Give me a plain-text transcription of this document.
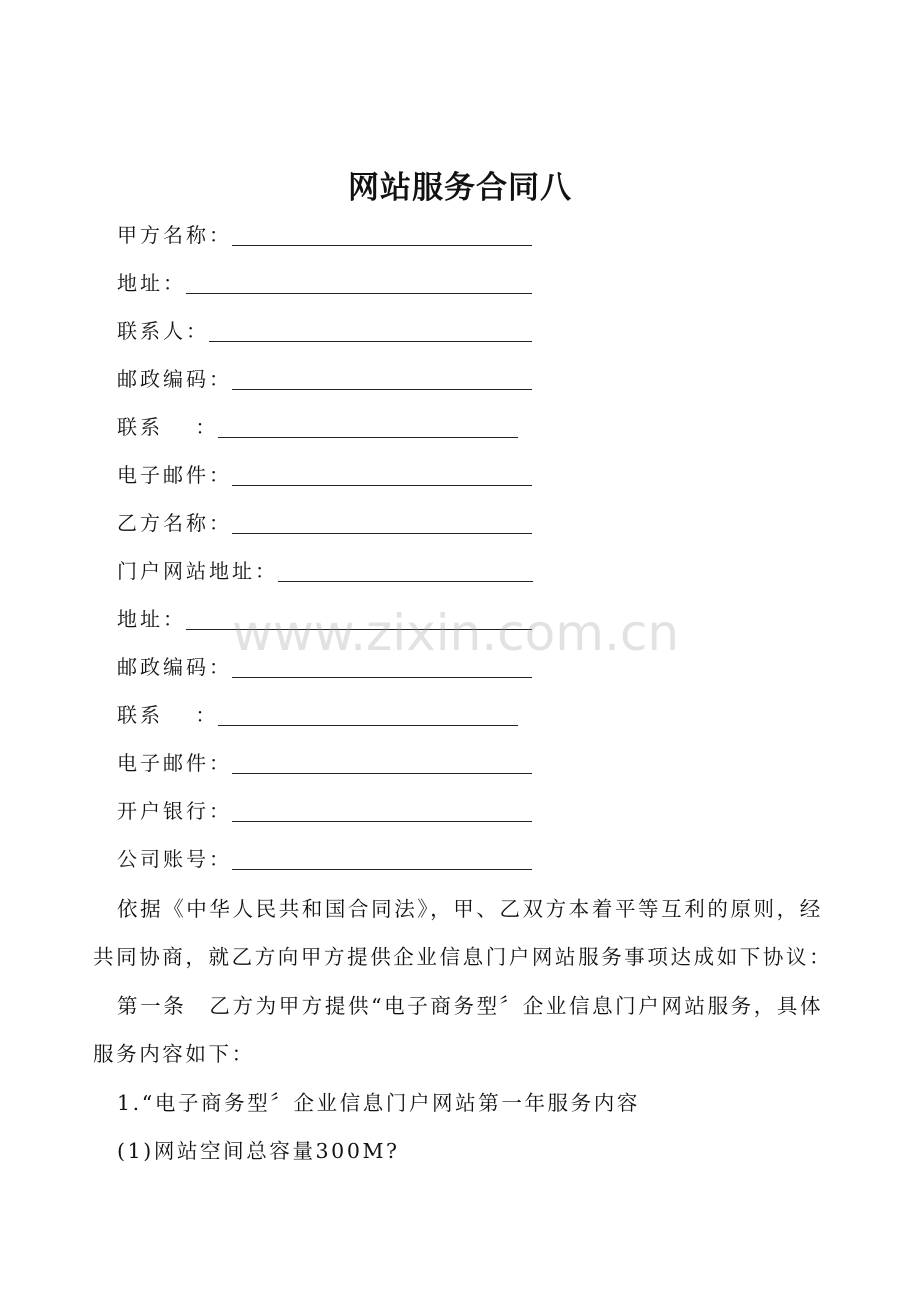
网站服务合同八
甲方名称：
地址：
联系人：
邮政编码：
联系　 ：
电子邮件：
乙方名称：
门户网站地址：
地址：
邮政编码：
联系　 ：
电子邮件：
开户银行：
公司账号：
依据《中华人民共和国合同法》，甲、乙双方本着平等互利的原则，经
共同协商，就乙方向甲方提供企业信息门户网站服务事项达成如下协议：
第一条　乙方为甲方提供“电子商务型〞企业信息门户网站服务，具体
服务内容如下：
1.“电子商务型〞企业信息门户网站第一年服务内容
(1)网站空间总容量300M?
www.zixin.com.cn
